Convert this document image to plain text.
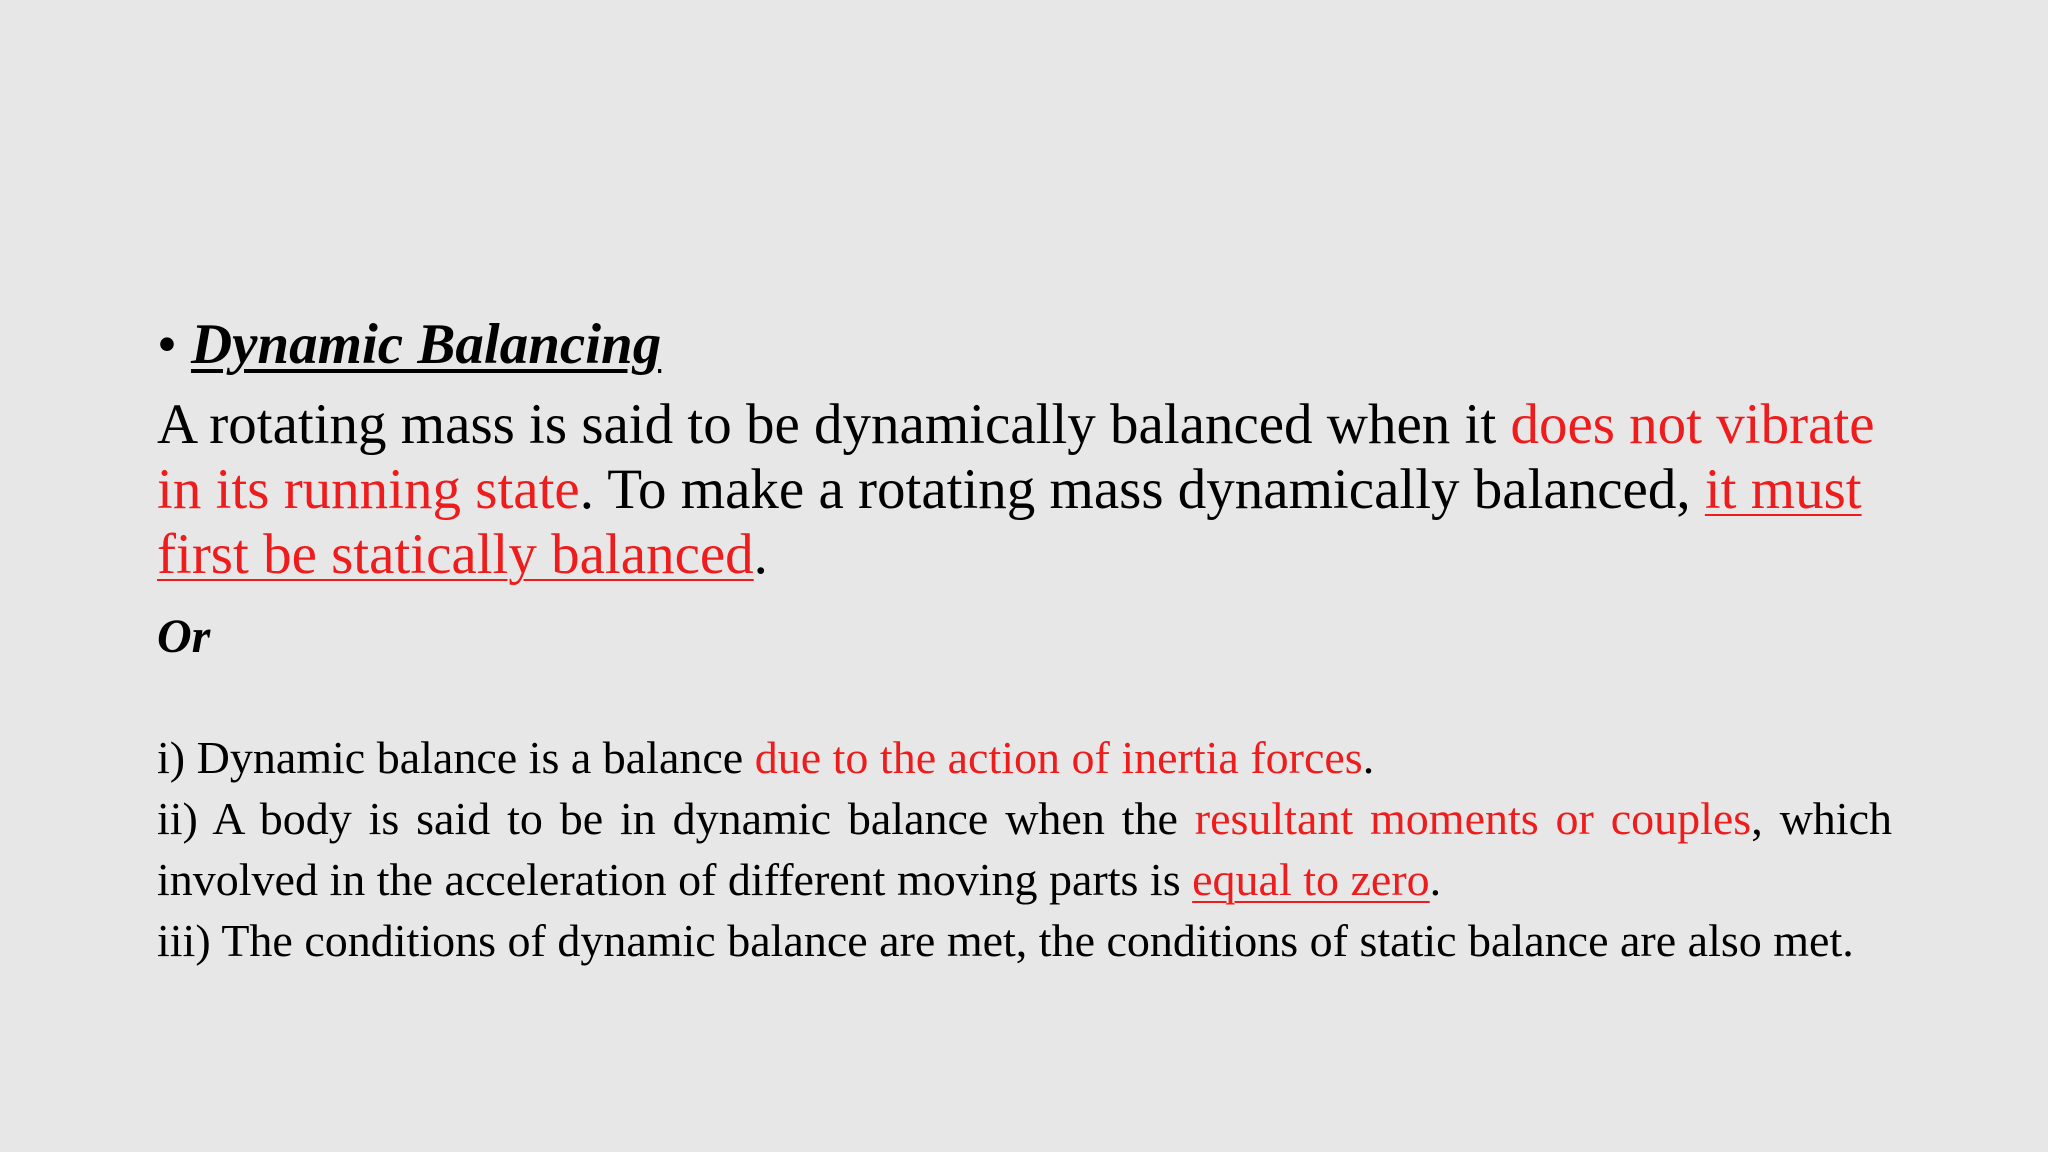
• Dynamic Balancing

A rotating mass is said to be dynamically balanced when it does not vibrate in its running state. To make a rotating mass dynamically balanced, it must first be statically balanced.

Or

i) Dynamic balance is a balance due to the action of inertia forces.

ii) A body is said to be in dynamic balance when the resultant moments or couples, which involved in the acceleration of different moving parts is equal to zero.

iii) The conditions of dynamic balance are met, the conditions of static balance are also met.
